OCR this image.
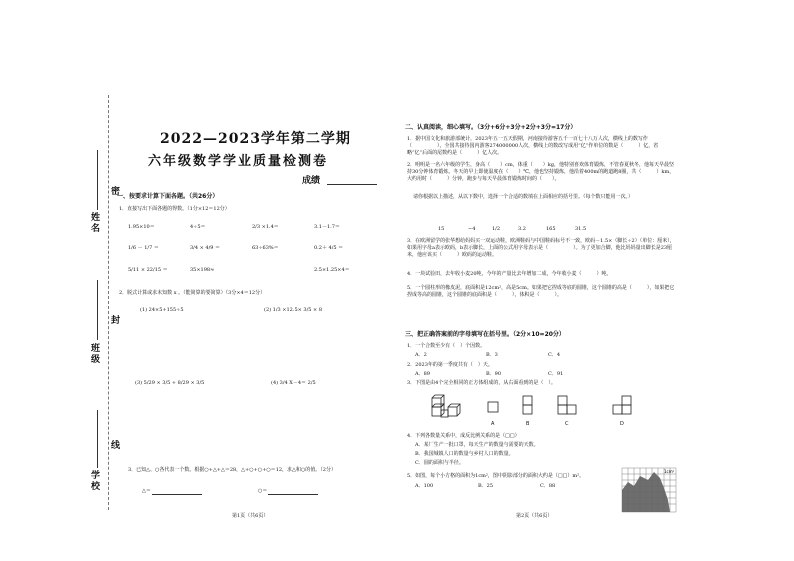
密
封
线
姓名
班级
学校
2022—2023学年第二学期
六年级数学学业质量检测卷
成绩
一、按要求计算下面各题。（共26分）
1．直接写出下面各题的得数。（1分×12＝12分）
1.95×10＝	4÷5＝	2/3 ×1.4＝	3.1－1.7＝
1/6 － 1/7 ＝	3/4 × 4/9 ＝	63÷63%＝	0.2＋ 4/5 ＝
5/11 × 22/15 ＝	35×198≈	2.5×1.25×4＝
2．脱式计算或求未知数 x 。（能简算的要简算）（3分×4＝12分）
(1) 24×5+155÷5	(2) 1/3 ×12.5× 3/5 × 8
(3) 5/29 × 3/5 + 8/29 × 3/5	(4) 3/4 X－4＝ 2/5
3．已知△、○各代表一个数。根据○+△+△＝28，△+○+○+○＝12，求△和○的值。（2分）
△＝	○＝
第1页（共6页）
二、认真阅读，细心填写。（3分+6分+3分+2分+3分=17分）
1．据中国文化和旅游部统计，2023年五一五天假期，河南接待游客五千一百七十八万人次，横线上的数写作（　　　　　），全国共接待国内游客274000000人次，横线上的数改写成用“亿”作单位的数是（　　　）亿，省略“亿”后面的尾数约是（　　　）亿人次。
2．明明是一名六年级的学生，身高（　　）cm，体重（　　）kg，他特别喜欢体育锻炼，不管春夏秋冬，他每天早晨坚持30分钟体育锻炼。冬天的早上即使温度在（　　）℃，他也坚持锻炼，他沿着400m的跑道跑8圈，共（　　　）km，大约用时（　　　）分钟，跑步与每天早晨体育锻炼时间的（　　）。
请你根据以上描述，从以下数中，选择一个合适的数填在上面相应的括号里。（每个数只能用一次。）
15	−4	1/2	3.2	165	31.5
3．在欧洲留学的张华想给妈妈买一双运动鞋，欧洲鞋码与中国鞋码标号不一致，欧码－1.5×（脚长÷2）（单位：厘米），如果用字母a表示欧码，b表示脚长，上面的公式用字母表示是（　　　　　）。为了更加合脚，他比妈妈量出脚长是23厘米，他应该买（　　　）欧码的运动鞋。
4．一块试验田，去年收小麦20吨，今年的产量比去年增加二成，今年收小麦（　　　）吨。
5．一个圆柱形的橡皮泥，底面积是12cm²，高是5cm。如果把它捏成等底的圆锥，这个圆锥的高是（　　　），如果把它捏成等高的圆锥，这个圆锥的底面积是（　　　），体积是（　　　）。
三、把正确答案前的字母填写在括号里。（2分×10=20分）
1．一个合数至少有（　）个因数。
A．2	B．3	C．4
2．2023年的第一季度共有（　）天。
A．89	B．90	C．91
3．下图是由4个完全相同的正方体组成的，从右面看到的是（　）。
A	B	C	D
4．下列各数量关系中，成反比例关系的是（□□）
A．某厂生产一批口罩，每天生产的数量与需要的天数。
B．我国城镇人口的数量与乡村人口的数量。
C．圆的面积与半径。
5．如图，每个小方格的面积为1cm²，图中阴影部分的面积大约是（□□）m²。
A．100	B．25	C．88
1cm²
第2页（共6页）
